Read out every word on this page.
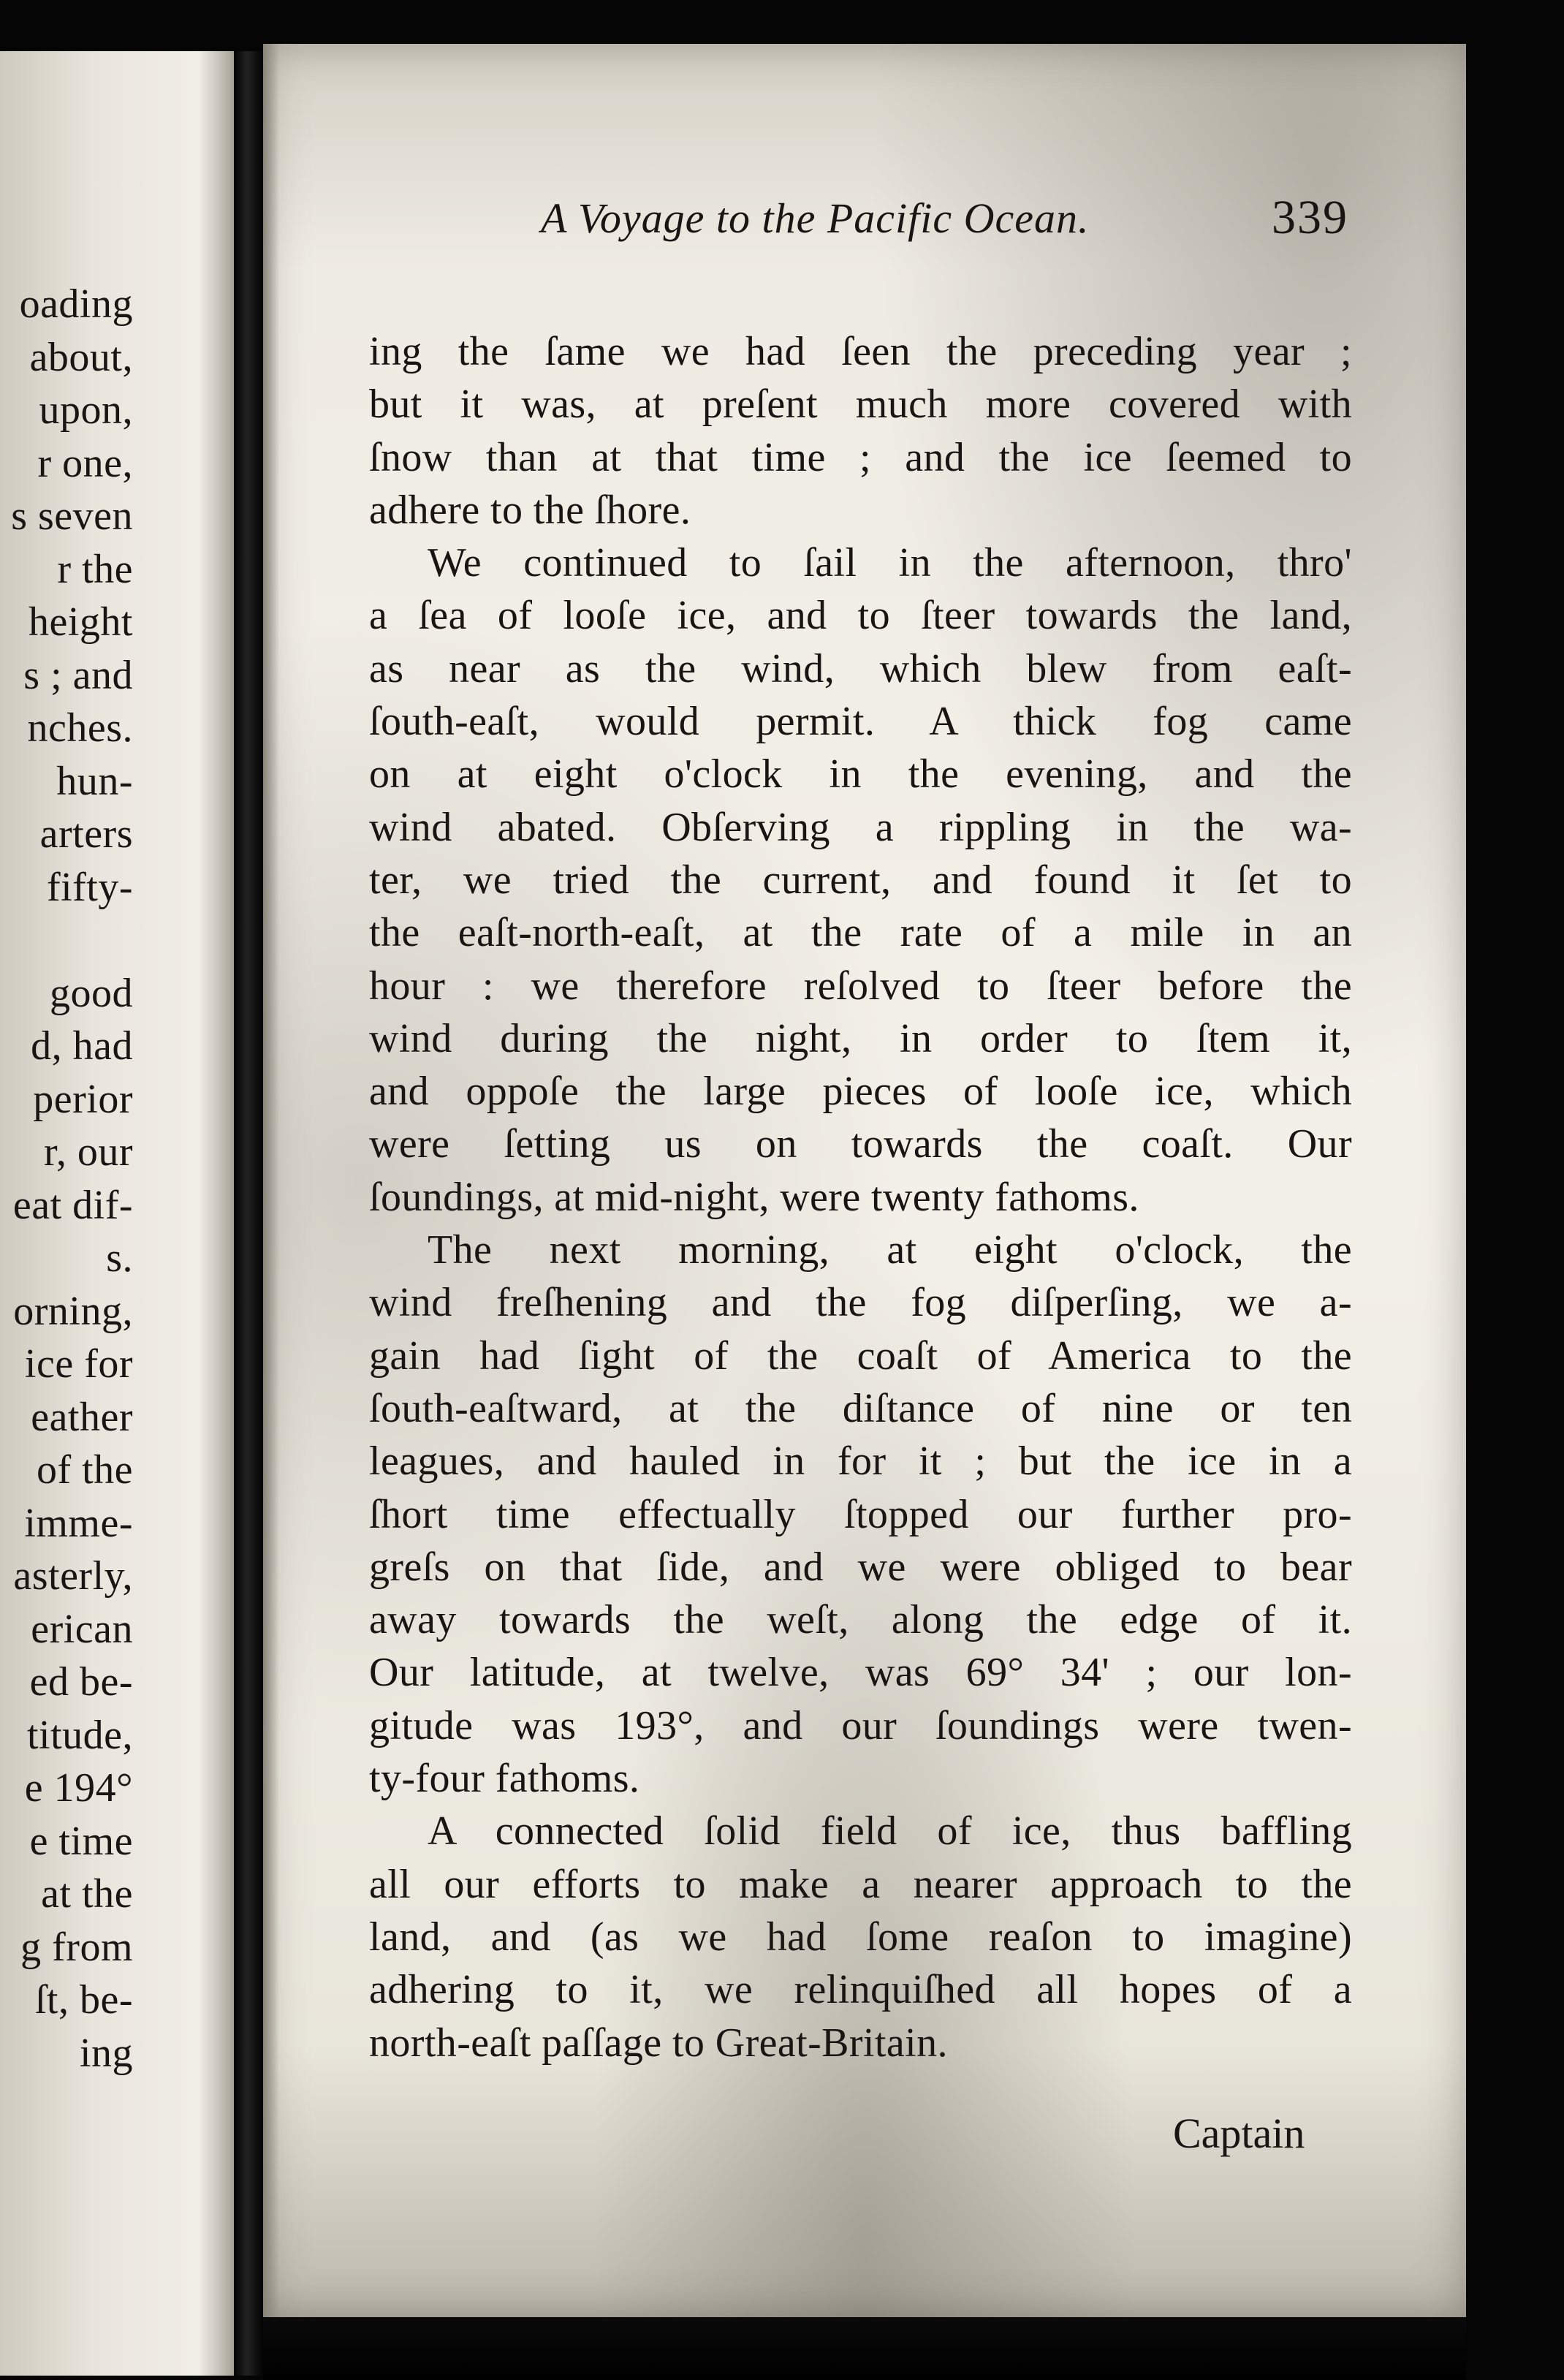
oading
about,
upon,
r one,
s seven
r the
height
s ; and
nches.
hun-
arters
fifty-
good
d, had
perior
r, our
eat dif-
s.
orning,
ice for
eather
of the
imme-
asterly,
erican
ed be-
titude,
e 194°
e time
at the
g from
ſt, be-
ing
A Voyage to the Pacific Ocean.	339
ing the ſame we had ſeen the preceding year ;
but it was, at preſent much more covered with
ſnow than at that time ; and the ice ſeemed to
adhere to the ſhore.
We continued to ſail in the afternoon, thro'
a ſea of looſe ice, and to ſteer towards the land,
as near as the wind, which blew from eaſt-
ſouth-eaſt, would permit. A thick fog came
on at eight o'clock in the evening, and the
wind abated. Obſerving a rippling in the wa-
ter, we tried the current, and found it ſet to
the eaſt-north-eaſt, at the rate of a mile in an
hour : we therefore reſolved to ſteer before the
wind during the night, in order to ſtem it,
and oppoſe the large pieces of looſe ice, which
were ſetting us on towards the coaſt. Our
ſoundings, at mid-night, were twenty fathoms.
The next morning, at eight o'clock, the
wind freſhening and the fog diſperſing, we a-
gain had ſight of the coaſt of America to the
ſouth-eaſtward, at the diſtance of nine or ten
leagues, and hauled in for it ; but the ice in a
ſhort time effectually ſtopped our further pro-
greſs on that ſide, and we were obliged to bear
away towards the weſt, along the edge of it.
Our latitude, at twelve, was 69° 34' ; our lon-
gitude was 193°, and our ſoundings were twen-
ty-four fathoms.
A connected ſolid field of ice, thus baffling
all our efforts to make a nearer approach to the
land, and (as we had ſome reaſon to imagine)
adhering to it, we relinquiſhed all hopes of a
north-eaſt paſſage to Great-Britain.
Captain
